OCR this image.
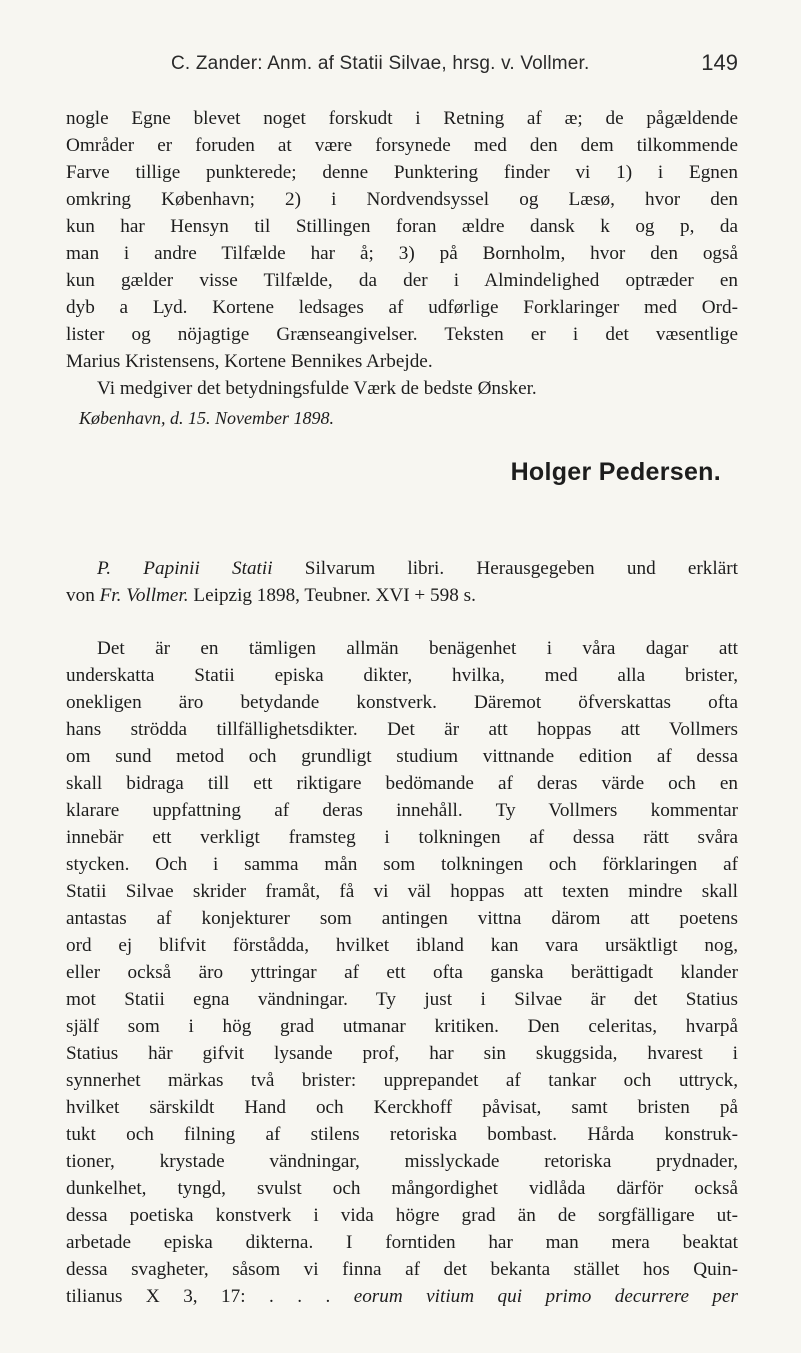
C. Zander: Anm. af Statii Silvae, hrsg. v. Vollmer.	149
nogle Egne blevet noget forskudt i Retning af æ; de pågældende
Områder er foruden at være forsynede med den dem tilkommende
Farve tillige punkterede; denne Punktering finder vi 1) i Egnen
omkring København; 2) i Nordvendsyssel og Læsø, hvor den
kun har Hensyn til Stillingen foran ældre dansk k og p, da
man i andre Tilfælde har å; 3) på Bornholm, hvor den også
kun gælder visse Tilfælde, da der i Almindelighed optræder en
dyb a Lyd. Kortene ledsages af udførlige Forklaringer med Ord-
lister og nöjagtige Grænseangivelser. Teksten er i det væsentlige
Marius Kristensens, Kortene Bennikes Arbejde.
Vi medgiver det betydningsfulde Værk de bedste Ønsker.
København, d. 15. November 1898.
Holger Pedersen.
P. Papinii Statii Silvarum libri. Herausgegeben und erklärt
von Fr. Vollmer. Leipzig 1898, Teubner. XVI + 598 s.
Det är en tämligen allmän benägenhet i våra dagar att
underskatta Statii episka dikter, hvilka, med alla brister,
onekligen äro betydande konstverk. Däremot öfverskattas ofta
hans strödda tillfällighetsdikter. Det är att hoppas att Vollmers
om sund metod och grundligt studium vittnande edition af dessa
skall bidraga till ett riktigare bedömande af deras värde och en
klarare uppfattning af deras innehåll. Ty Vollmers kommentar
innebär ett verkligt framsteg i tolkningen af dessa rätt svåra
stycken. Och i samma mån som tolkningen och förklaringen af
Statii Silvae skrider framåt, få vi väl hoppas att texten mindre skall
antastas af konjekturer som antingen vittna därom att poetens
ord ej blifvit förstådda, hvilket ibland kan vara ursäktligt nog,
eller också äro yttringar af ett ofta ganska berättigadt klander
mot Statii egna vändningar. Ty just i Silvae är det Statius
själf som i hög grad utmanar kritiken. Den celeritas, hvarpå
Statius här gifvit lysande prof, har sin skuggsida, hvarest i
synnerhet märkas två brister: upprepandet af tankar och uttryck,
hvilket särskildt Hand och Kerckhoff påvisat, samt bristen på
tukt och filning af stilens retoriska bombast. Hårda konstruk-
tioner, krystade vändningar, misslyckade retoriska prydnader,
dunkelhet, tyngd, svulst och mångordighet vidlåda därför också
dessa poetiska konstverk i vida högre grad än de sorgfälligare ut-
arbetade episka dikterna. I forntiden har man mera beaktat
dessa svagheter, såsom vi finna af det bekanta stället hos Quin-
tilianus X 3, 17: . . . eorum vitium qui primo decurrere per
